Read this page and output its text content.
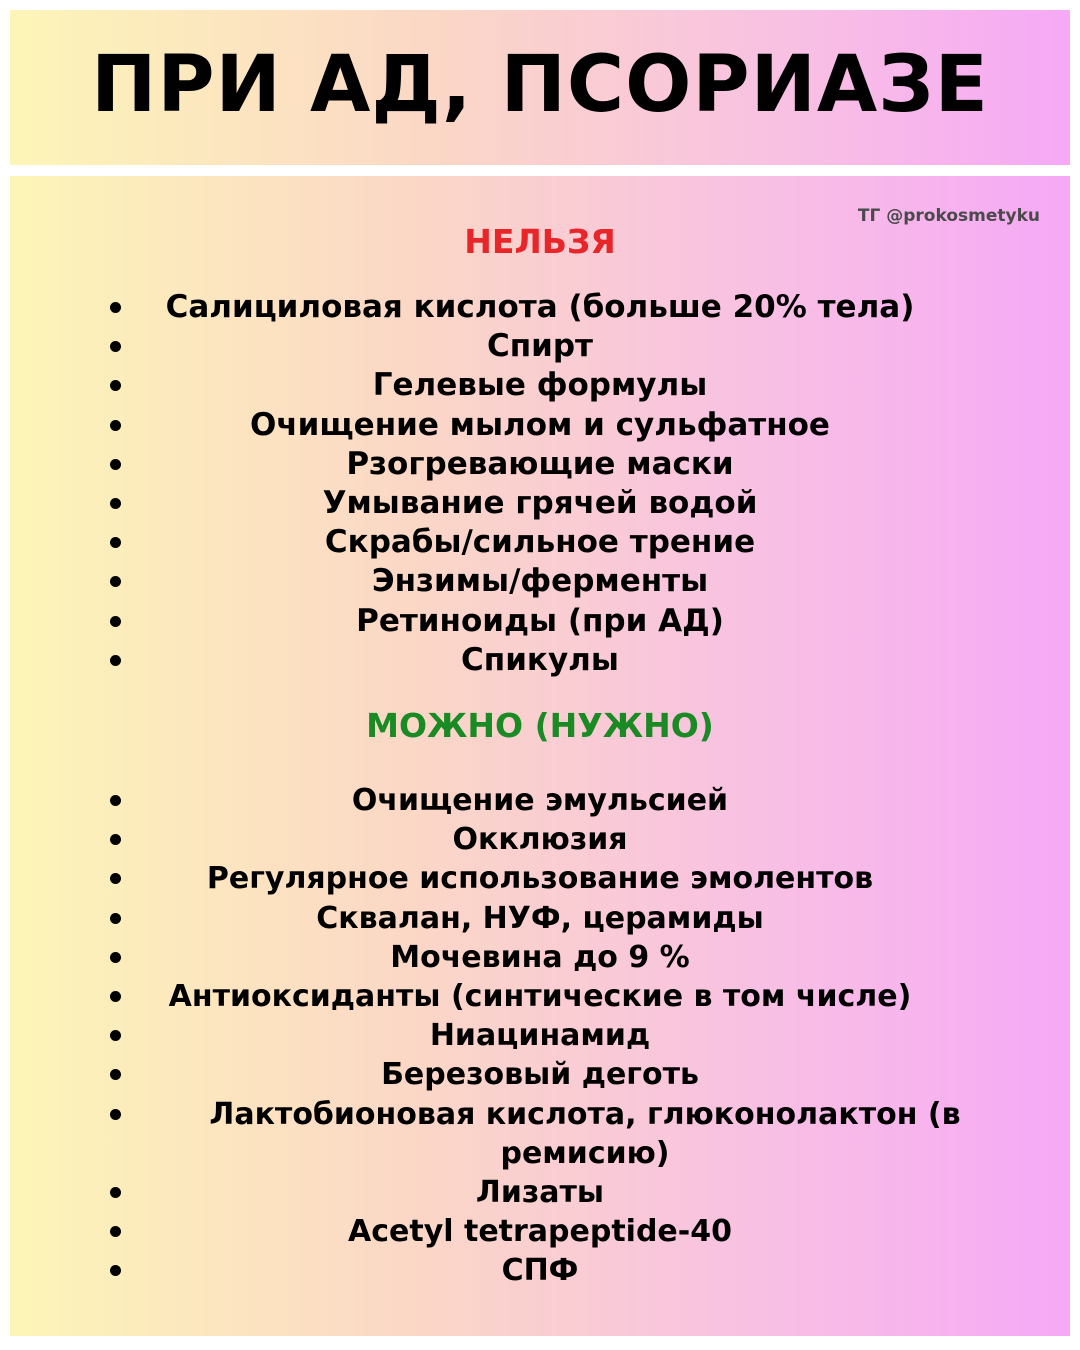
ПРИ АД, ПСОРИАЗЕ
ТГ @prokosmetyku
НЕЛЬЗЯ
Салициловая кислота (больше 20% тела)
Спирт
Гелевые формулы
Очищение мылом и сульфатное
Рзогревающие маски
Умывание грячей водой
Скрабы/сильное трение
Энзимы/ферменты
Ретиноиды (при АД)
Спикулы
МОЖНО (НУЖНО)
Очищение эмульсией
Окклюзия
Регулярное использование эмолентов
Сквалан, НУФ, церамиды
Мочевина до 9 %
Антиоксиданты (синтические в том числе)
Ниацинамид
Березовый деготь
Лактобионовая кислота, глюконолактон (в ремисию)
Лизаты
Acetyl tetrapeptide-40
СПФ
